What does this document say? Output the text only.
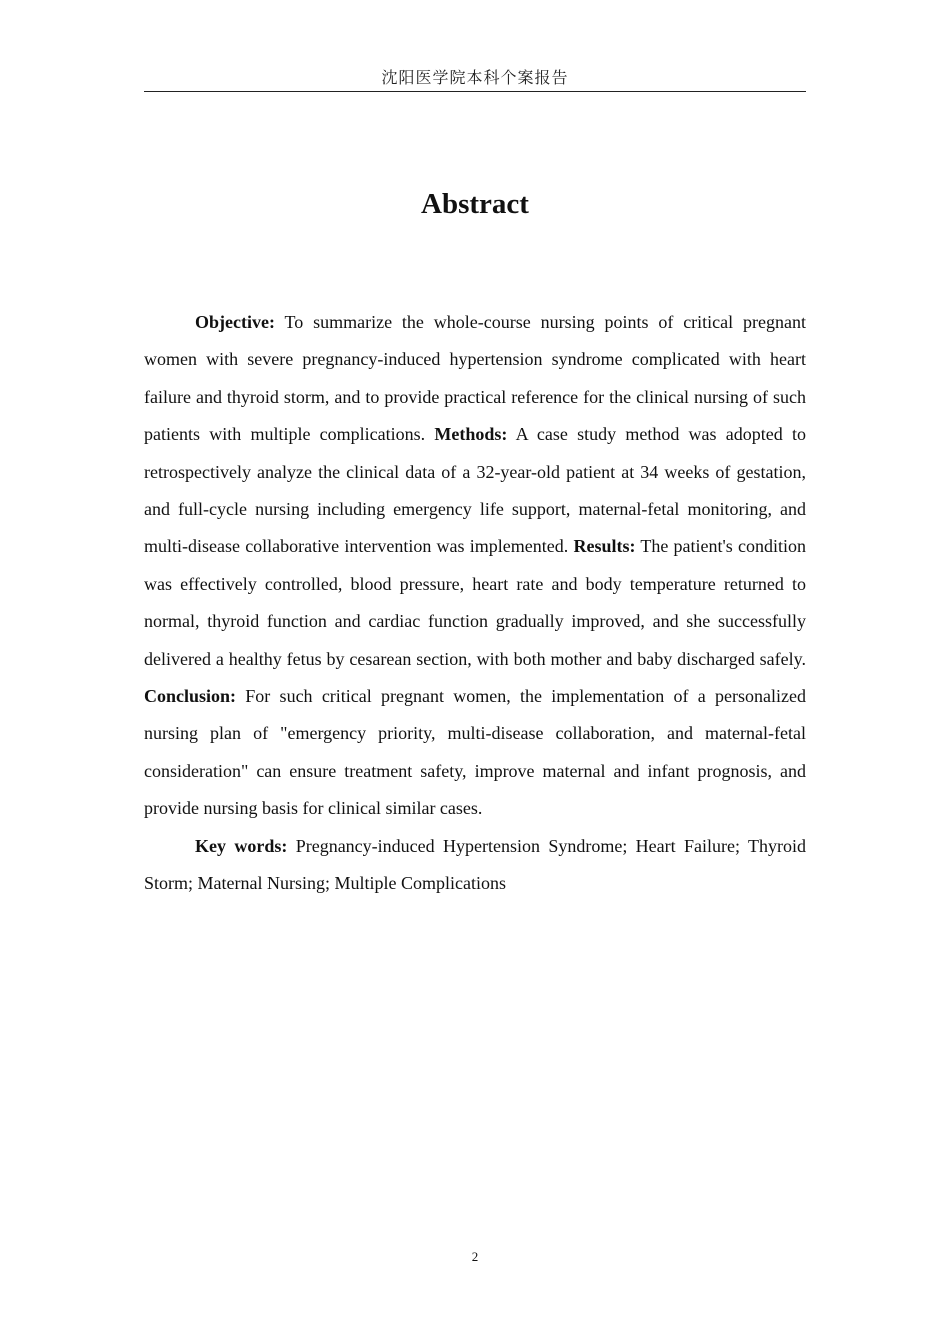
沈阳医学院本科个案报告
Abstract

Objective: To summarize the whole-course nursing points of critical pregnant women with severe pregnancy-induced hypertension syndrome complicated with heart failure and thyroid storm, and to provide practical reference for the clinical nursing of such patients with multiple complications. Methods: A case study method was adopted to retrospectively analyze the clinical data of a 32-year-old patient at 34 weeks of gestation, and full-cycle nursing including emergency life support, maternal-fetal monitoring, and multi-disease collaborative intervention was implemented. Results: The patient's condition was effectively controlled, blood pressure, heart rate and body temperature returned to normal, thyroid function and cardiac function gradually improved, and she successfully delivered a healthy fetus by cesarean section, with both mother and baby discharged safely. Conclusion: For such critical pregnant women, the implementation of a personalized nursing plan of "emergency priority, multi-disease collaboration, and maternal-fetal consideration" can ensure treatment safety, improve maternal and infant prognosis, and provide nursing basis for clinical similar cases.

Key words: Pregnancy-induced Hypertension Syndrome; Heart Failure; Thyroid Storm; Maternal Nursing; Multiple Complications

2
